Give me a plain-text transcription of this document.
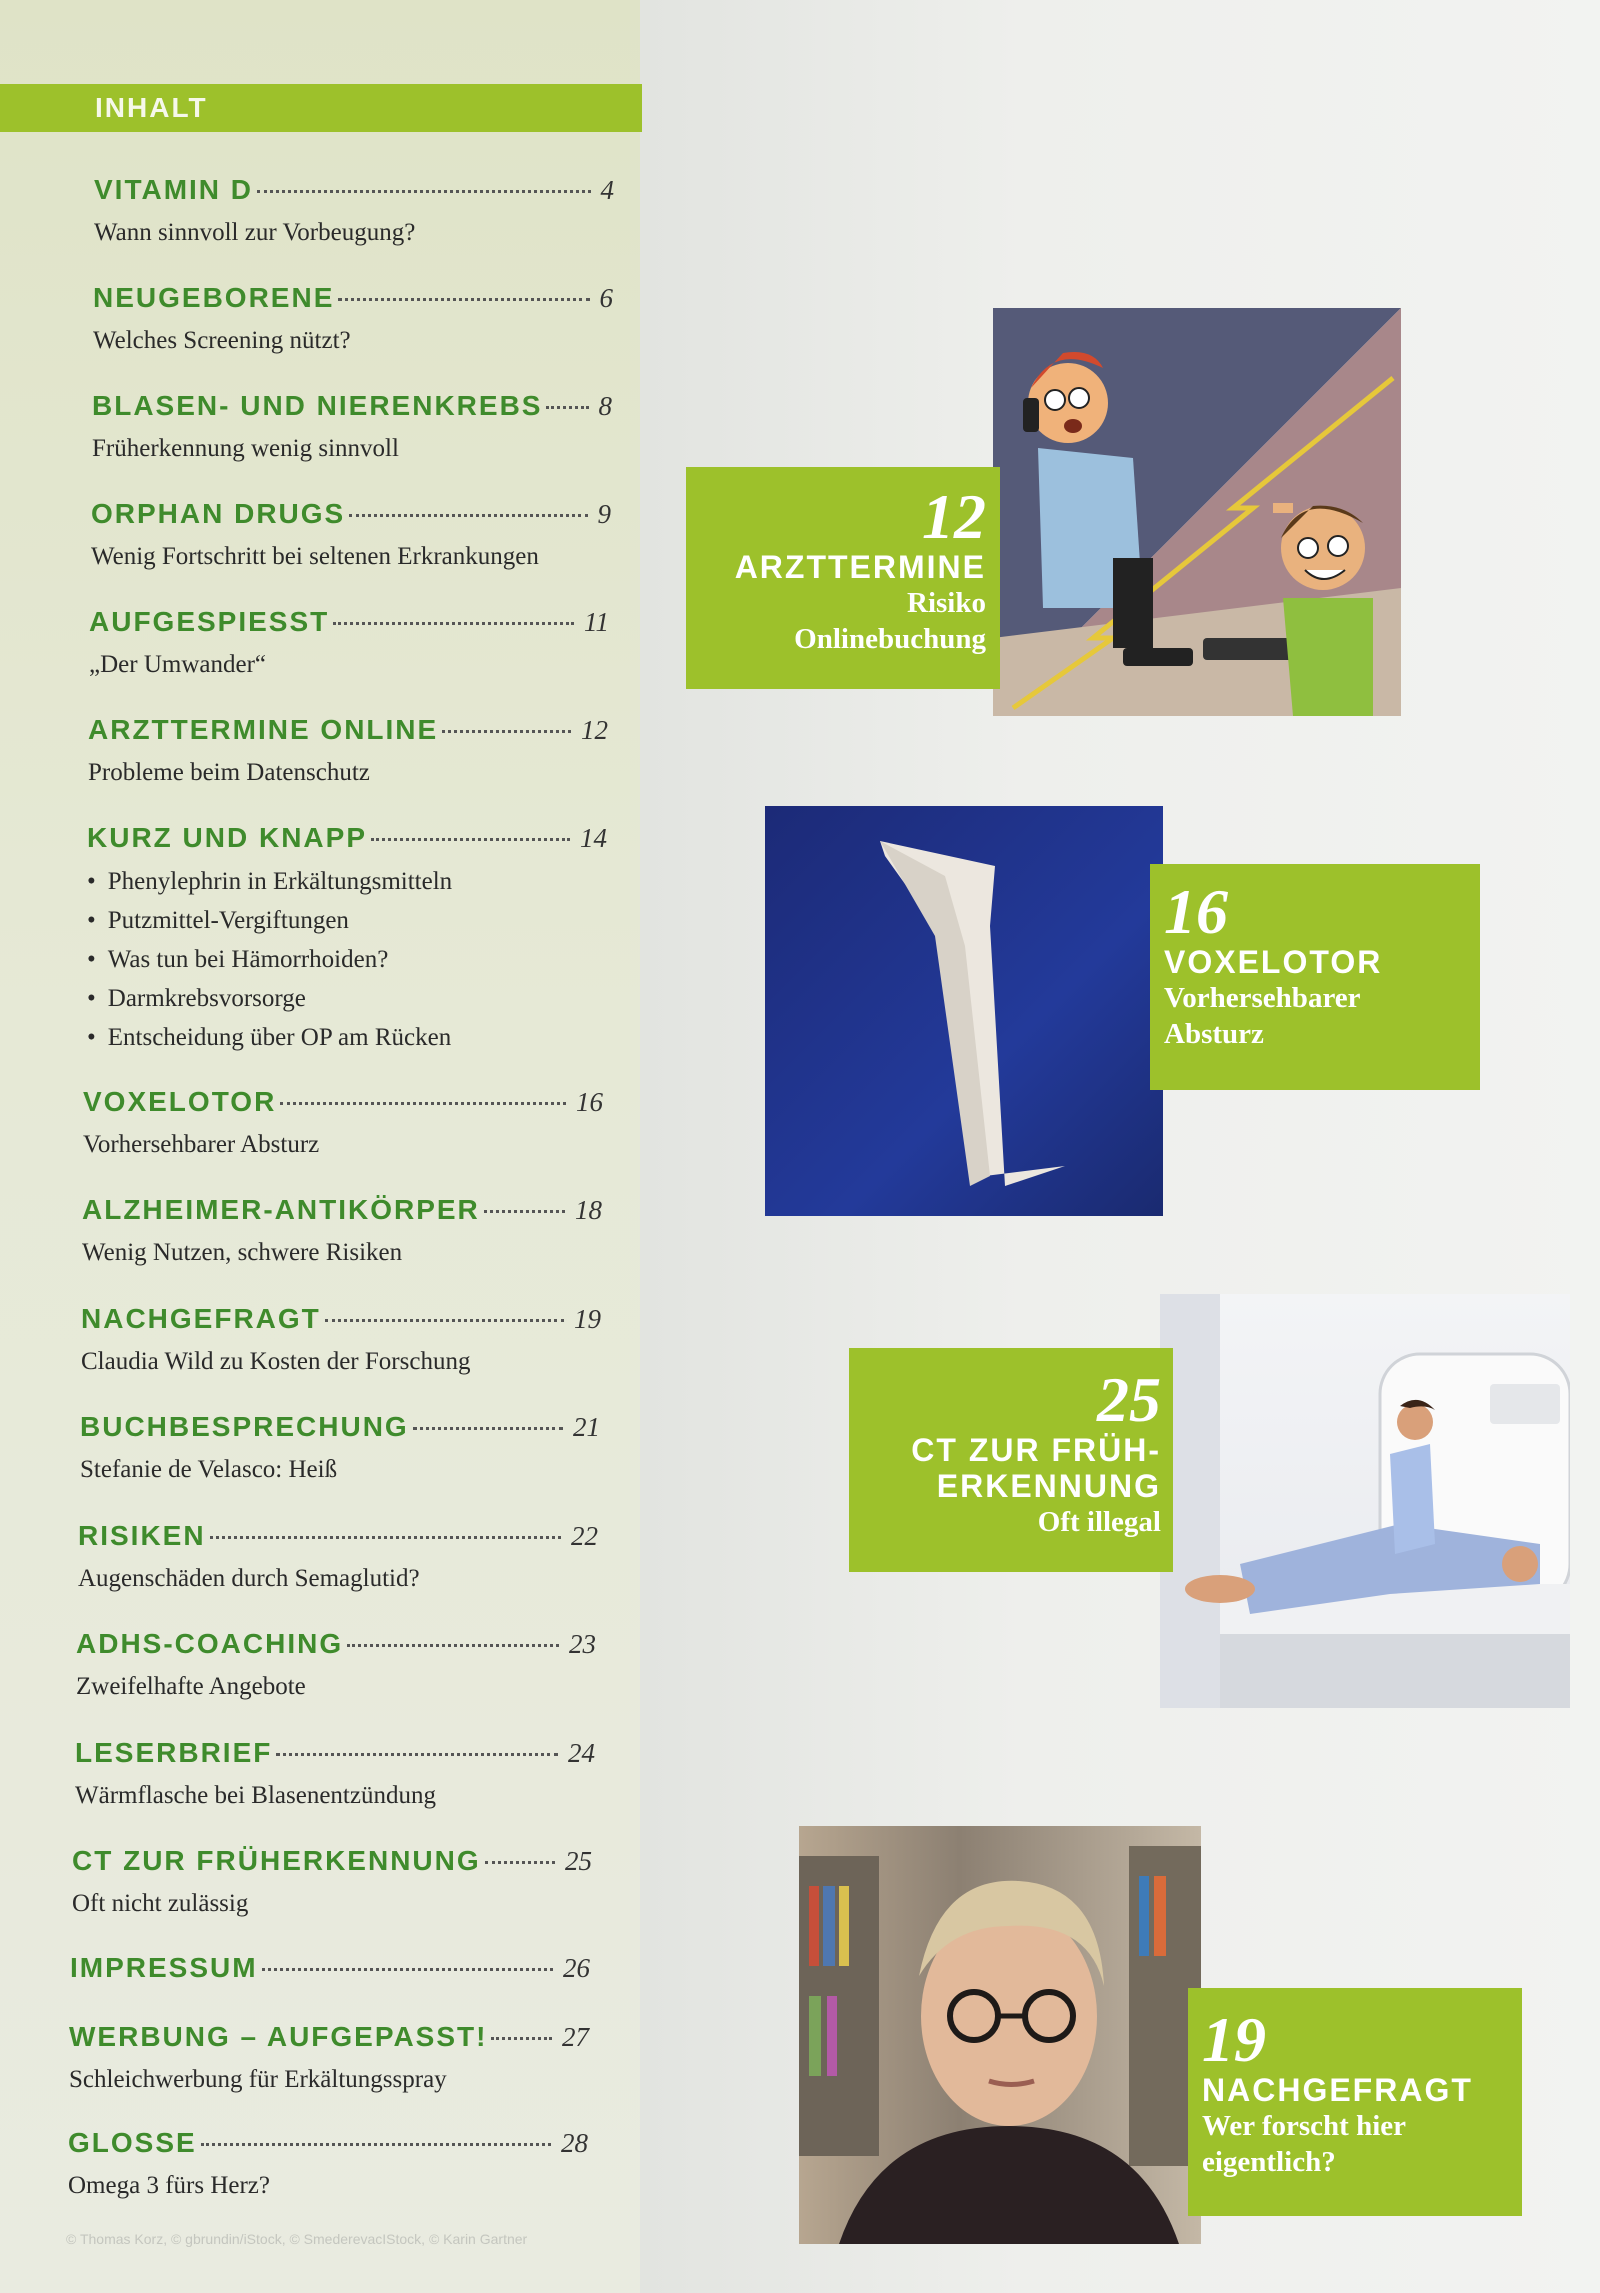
INHALT
VITAMIN D	4
Wann sinnvoll zur Vorbeugung?
NEUGEBORENE	6
Welches Screening nützt?
BLASEN- UND NIERENKREBS 8
Früherkennung wenig sinnvoll
ORPHAN DRUGS	9
Wenig Fortschritt bei seltenen Erkrankungen
AUFGESPIESST	11
„Der Umwander“
ARZTTERMINE ONLINE	12
Probleme beim Datenschutz
KURZ UND KNAPP	14
• Phenylephrin in Erkältungsmitteln
• Putzmittel-Vergiftungen
• Was tun bei Hämorrhoiden?
• Darmkrebsvorsorge
• Entscheidung über OP am Rücken
VOXELOTOR	16
Vorhersehbarer Absturz
ALZHEIMER-ANTIKÖRPER	18
Wenig Nutzen, schwere Risiken
NACHGEFRAGT	19
Claudia Wild zu Kosten der Forschung
BUCHBESPRECHUNG	21
Stefanie de Velasco: Heiß
RISIKEN	22
Augenschäden durch Semaglutid?
ADHS-COACHING	23
Zweifelhafte Angebote
LESERBRIEF	24
Wärmflasche bei Blasenentzündung
CT ZUR FRÜHERKENNUNG	25
Oft nicht zulässig
IMPRESSUM	26
WERBUNG – AUFGEPASST!	27
Schleichwerbung für Erkältungsspray
GLOSSE	28
Omega 3 fürs Herz?
© Thomas Korz, © gbrundin/iStock, © SmederevacIStock, © Karin Gartner
12
ARZTTERMINE
Risiko
Onlinebuchung
16
VOXELOTOR
Vorhersehbarer
Absturz
25
CT ZUR FRÜH-
ERKENNUNG
Oft illegal
19
NACHGEFRAGT
Wer forscht hier
eigentlich?
